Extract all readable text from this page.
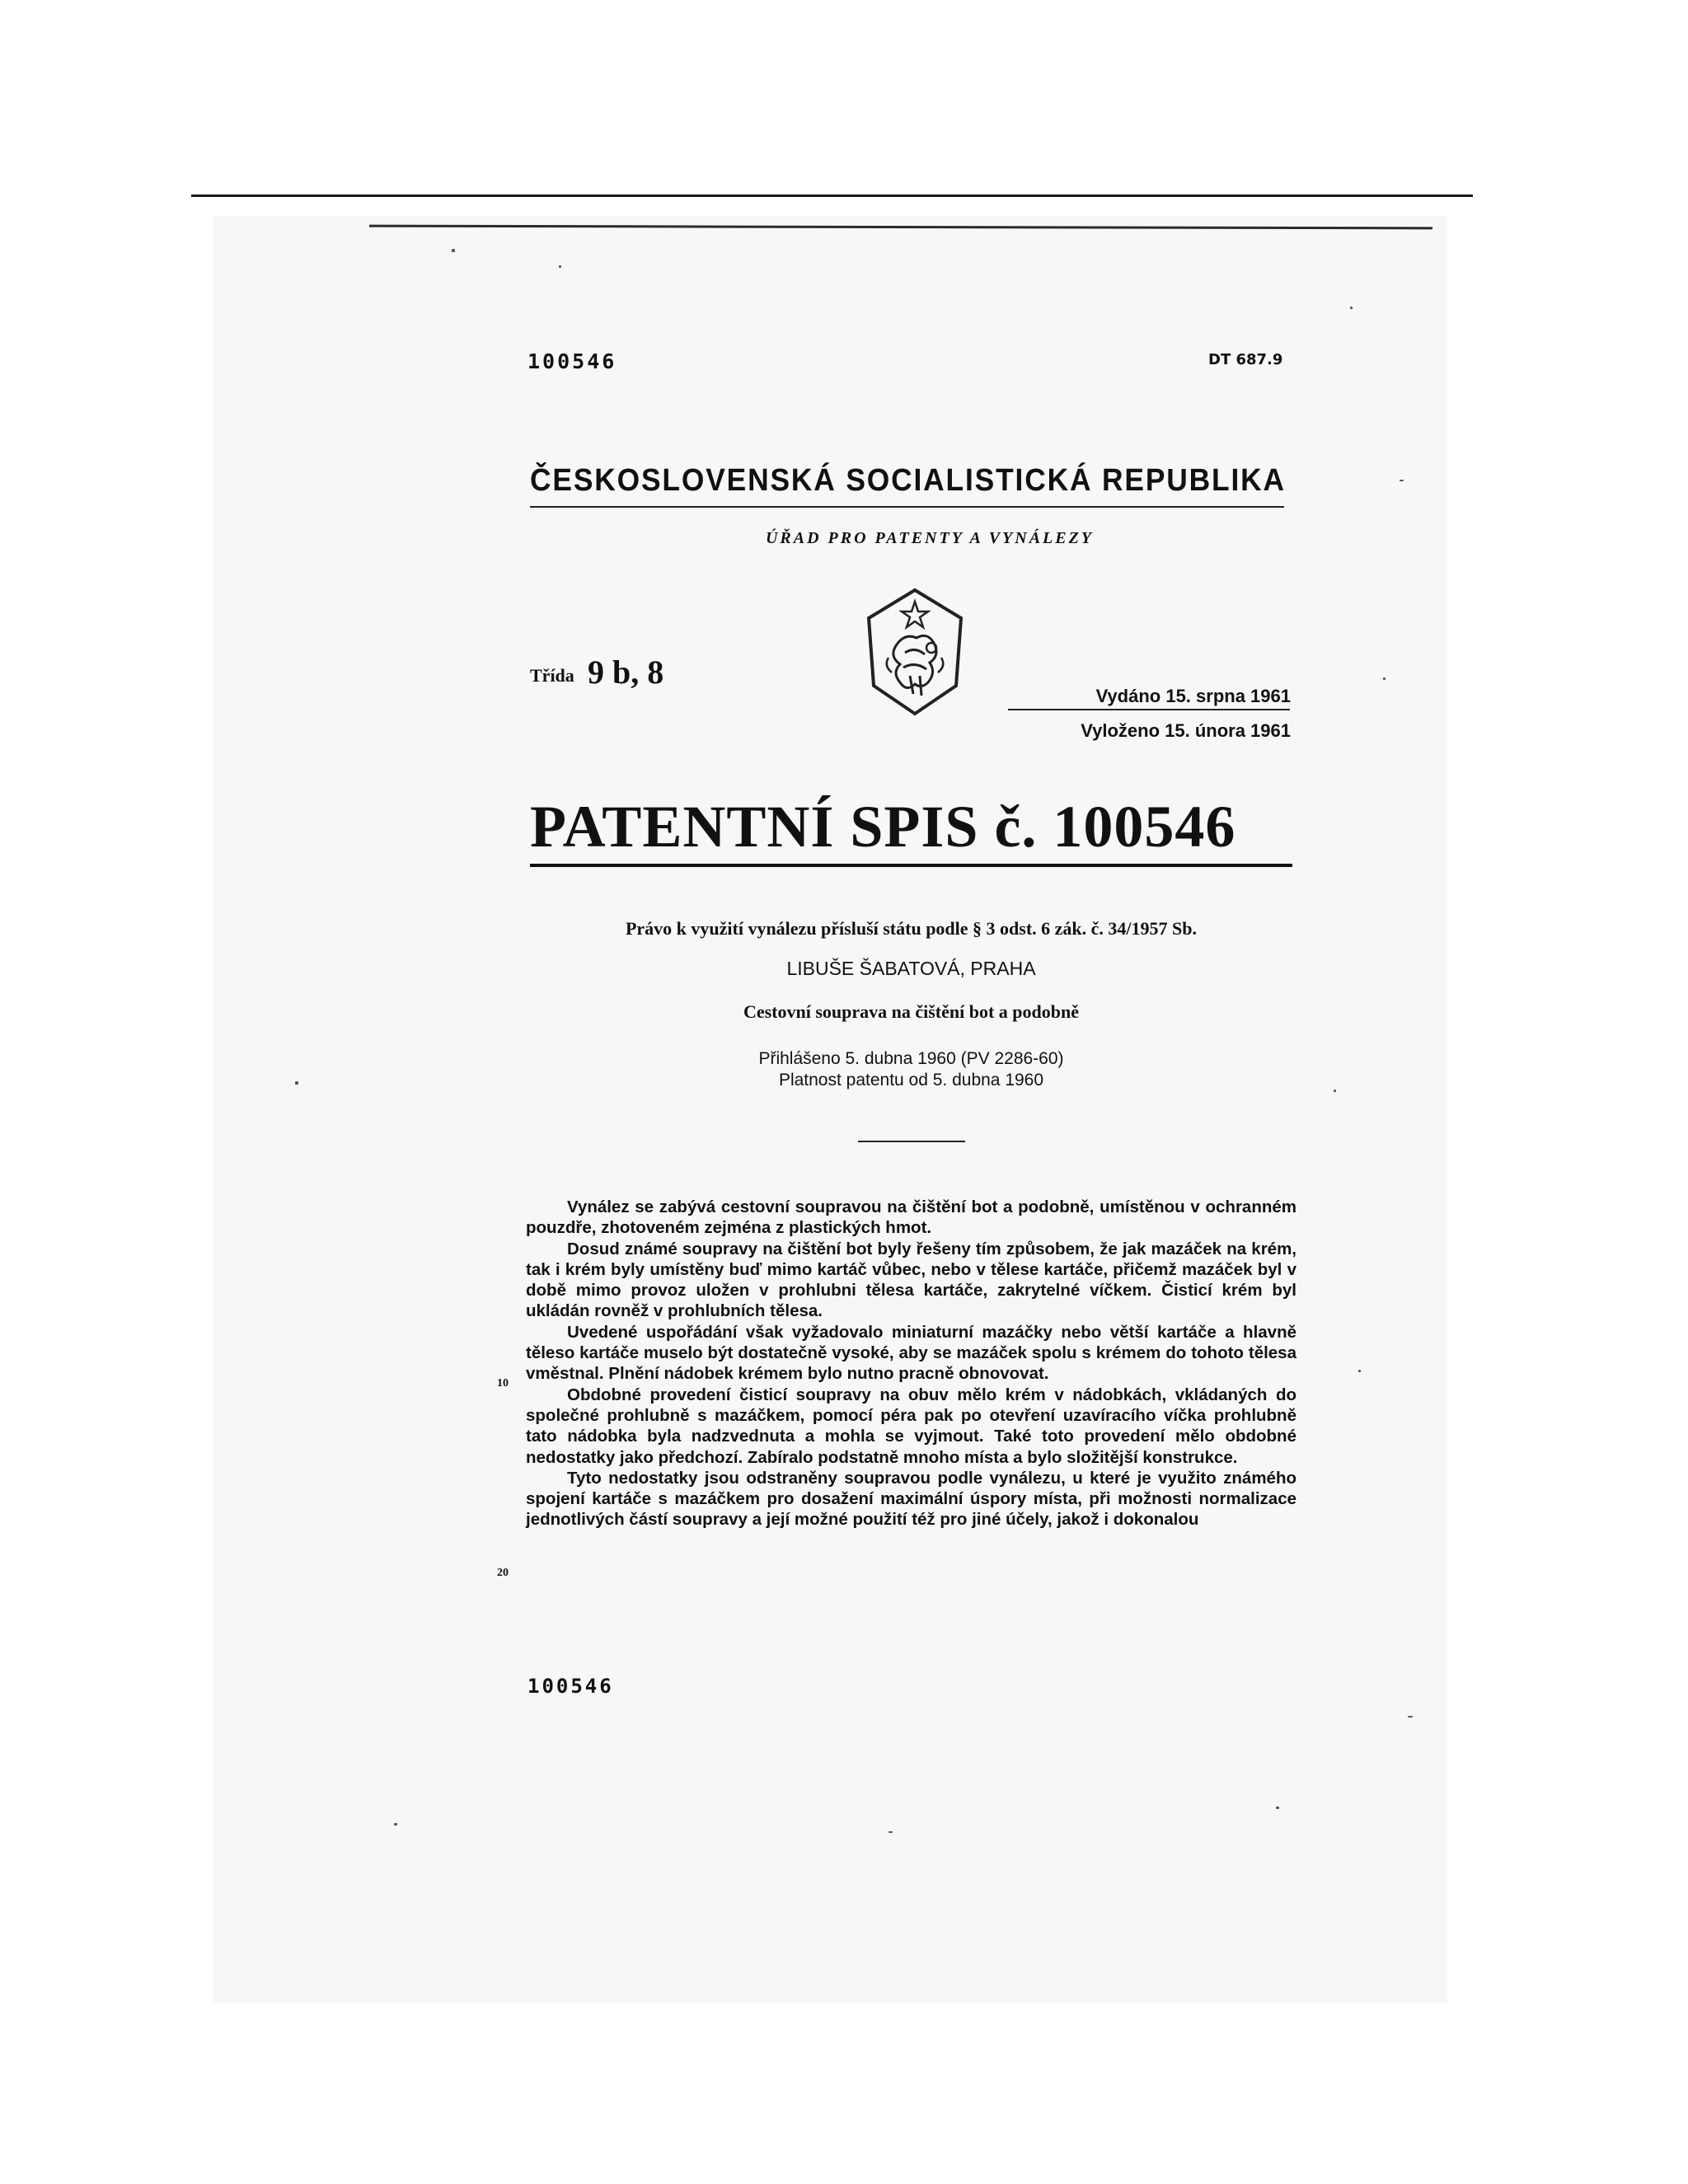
100546	DT 687.9
ČESKOSLOVENSKÁ SOCIALISTICKÁ REPUBLIKA
ÚŘAD PRO PATENTY A VYNÁLEZY
Třída 9 b, 8
Vydáno 15. srpna 1961
Vyloženo 15. února 1961
PATENTNÍ SPIS č. 100546
Právo k využití vynálezu přísluší státu podle § 3 odst. 6 zák. č. 34/1957 Sb.
LIBUŠE ŠABATOVÁ, PRAHA
Cestovní souprava na čištění bot a podobně
Přihlášeno 5. dubna 1960 (PV 2286-60)
Platnost patentu od 5. dubna 1960

Vynález se zabývá cestovní soupravou na čištění bot a podobně, umístěnou v ochranném pouzdře, zhotoveném zejména z plastických hmot.

Dosud známé soupravy na čištění bot byly řešeny tím způsobem, že jak mazáček na krém, tak i krém byly umístěny buď mimo kartáč vůbec, nebo v tělese kartáče, přičemž mazáček byl v době mimo provoz uložen v prohlubni tělesa kartáče, zakrytelné víčkem. Čisticí krém byl ukládán rovněž v prohlubních tělesa.

Uvedené uspořádání však vyžadovalo miniaturní mazáčky nebo větší kartáče a hlavně těleso kartáče muselo být dostatečně vysoké, aby se mazáček spolu s krémem do tohoto tělesa vměstnal. Plnění nádobek krémem bylo nutno pracně obnovovat.

Obdobné provedení čisticí soupravy na obuv mělo krém v nádobkách, vkládaných do společné prohlubně s mazáčkem, pomocí péra pak po otevření uzavíracího víčka prohlubně tato nádobka byla nadzvednuta a mohla se vyjmout. Také toto provedení mělo obdobné nedostatky jako předchozí. Zabíralo podstatně mnoho místa a bylo složitější konstrukce.

Tyto nedostatky jsou odstraněny soupravou podle vynálezu, u které je využito známého spojení kartáče s mazáčkem pro dosažení maximální úspory místa, při možnosti normalizace jednotlivých částí soupravy a její možné použití též pro jiné účely, jakož i dokonalou

10
20
100546
